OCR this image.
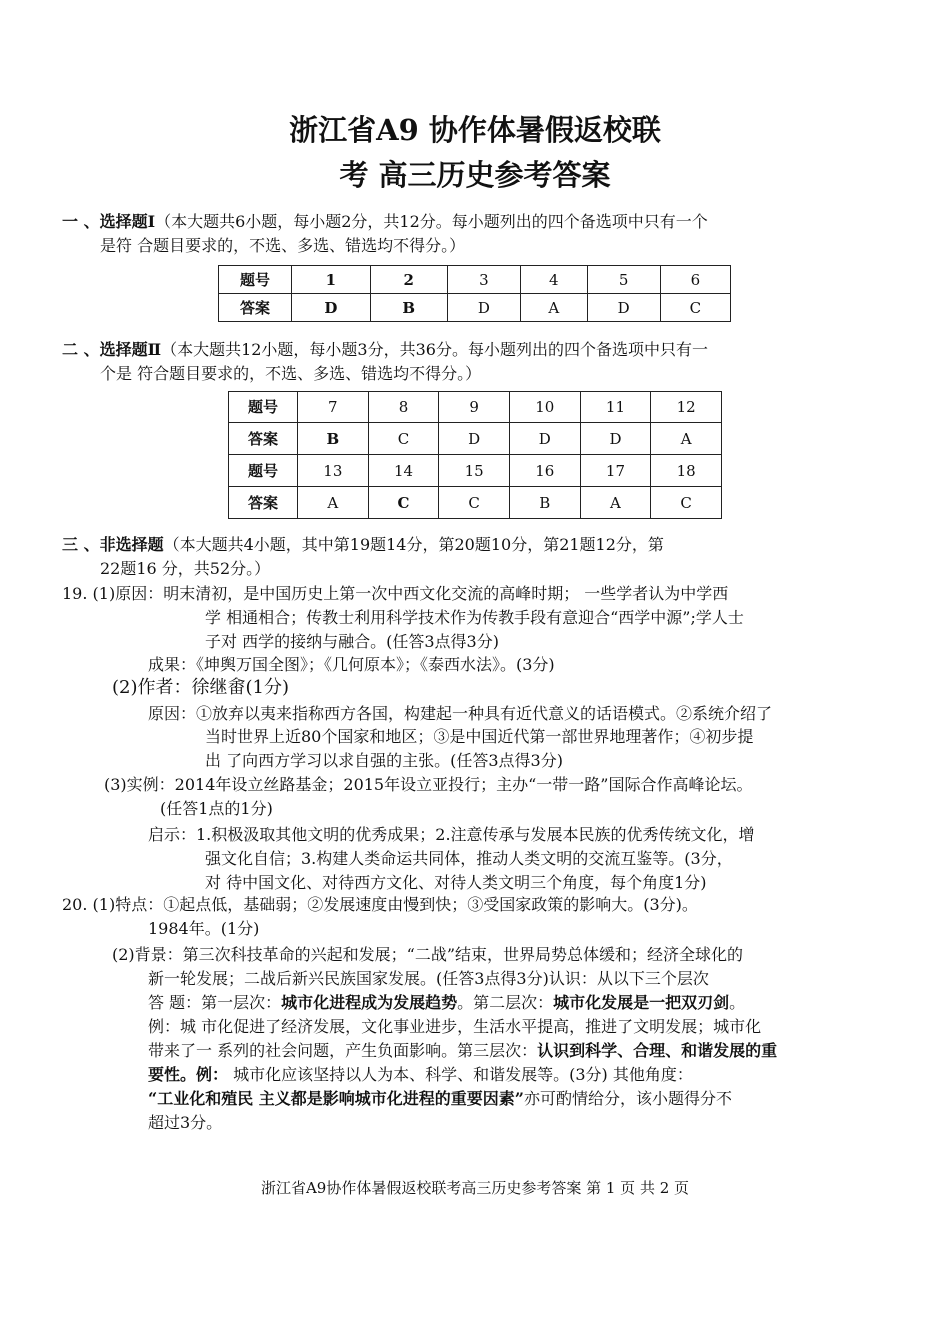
浙江省A9 协作体暑假返校联
考 高三历史参考答案
一 、选择题Ⅰ（本大题共6小题，每小题2分，共12分。每小题列出的四个备选项中只有一个
是符 合题目要求的，不选、多选、错选均不得分。）
题号	1	2	3	4	5	6
答案	D	B	D	A	D	C
二 、选择题Ⅱ（本大题共12小题，每小题3分，共36分。每小题列出的四个备选项中只有一
个是 符合题目要求的，不选、多选、错选均不得分。）
题号	7	8	9	10	11	12
答案	B	C	D	D	D	A
题号	13	14	15	16	17	18
答案	A	C	C	B	A	C
三 、非选择题（本大题共4小题，其中第19题14分，第20题10分，第21题12分，第
22题16 分，共52分。）
19. (1)原因：明末清初，是中国历史上第一次中西文化交流的高峰时期； 一些学者认为中学西
学 相通相合；传教士利用科学技术作为传教手段有意迎合“西学中源”;学人士
子对 西学的接纳与融合。(任答3点得3分)
成果：《坤舆万国全图》；《几何原本》；《泰西水法》。(3分)
(2)作者：徐继畬(1分)
原因：①放弃以夷来指称西方各国，构建起一种具有近代意义的话语模式。②系统介绍了
当时世界上近80个国家和地区；③是中国近代第一部世界地理著作；④初步提
出 了向西方学习以求自强的主张。(任答3点得3分)
(3)实例：2014年设立丝路基金；2015年设立亚投行；主办“一带一路”国际合作高峰论坛。
(任答1点的1分)
启示：1.积极汲取其他文明的优秀成果；2.注意传承与发展本民族的优秀传统文化，增
强文化自信；3.构建人类命运共同体，推动人类文明的交流互鉴等。(3分，
对 待中国文化、对待西方文化、对待人类文明三个角度，每个角度1分)
20. (1)特点：①起点低，基础弱；②发展速度由慢到快；③受国家政策的影响大。(3分)。
1984年。(1分)
(2)背景：第三次科技革命的兴起和发展；“二战”结束，世界局势总体缓和；经济全球化的
新一轮发展；二战后新兴民族国家发展。(任答3点得3分)认识：从以下三个层次
答 题：第一层次：城市化进程成为发展趋势。第二层次：城市化发展是一把双刃剑。
例：城 市化促进了经济发展，文化事业进步，生活水平提高，推进了文明发展；城市化
带来了一 系列的社会问题，产生负面影响。第三层次：认识到科学、合理、和谐发展的重
要性。例： 城市化应该坚持以人为本、科学、和谐发展等。(3分) 其他角度：
“工业化和殖民 主义都是影响城市化进程的重要因素”亦可酌情给分，该小题得分不
超过3分。
浙江省A9协作体暑假返校联考高三历史参考答案 第 1 页 共 2 页
